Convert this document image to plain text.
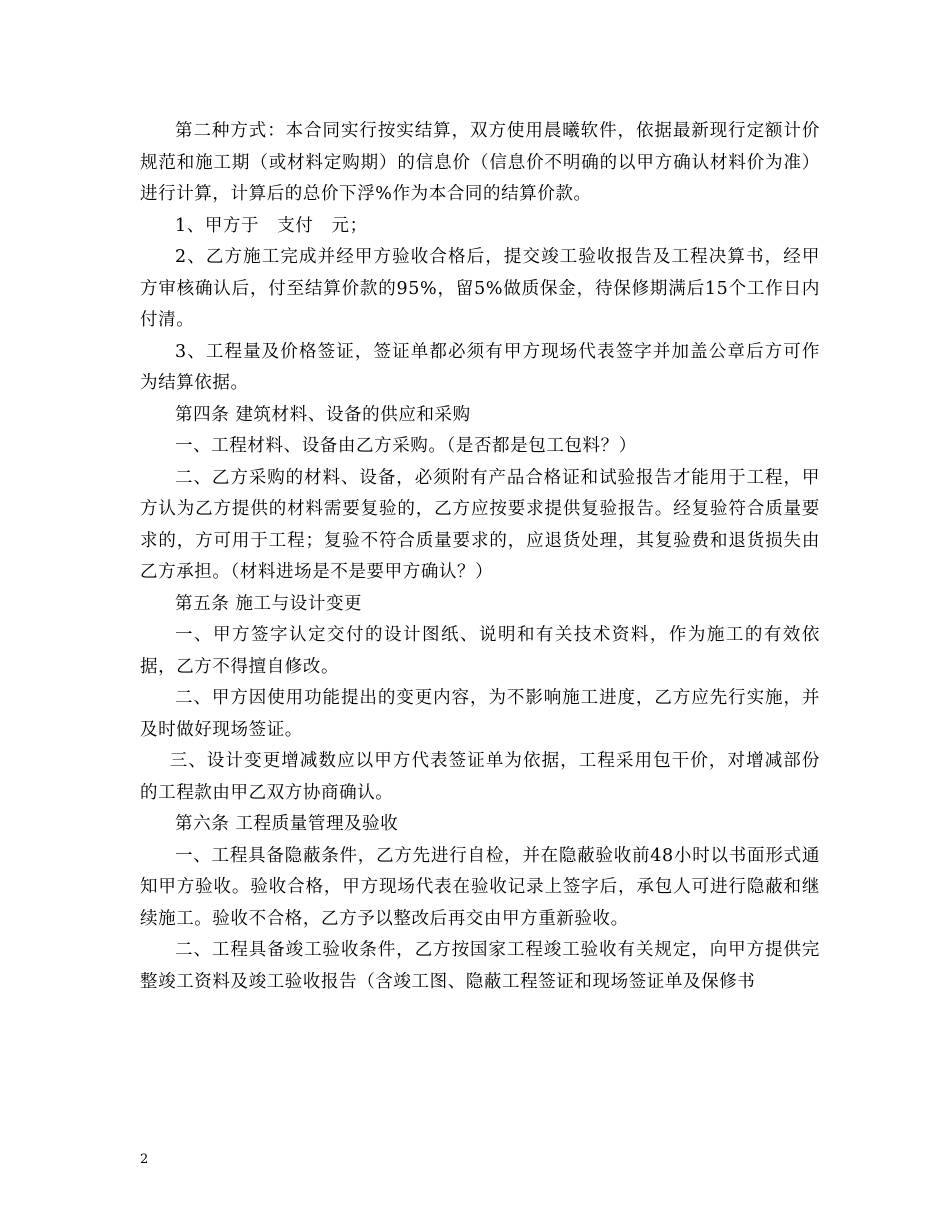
第二种方式：本合同实行按实结算，双方使用晨曦软件，依据最新现行定额计价规范和施工期（或材料定购期）的信息价（信息价不明确的以甲方确认材料价为准）进行计算，计算后的总价下浮%作为本合同的结算价款。

1、甲方于　支付　元；

2、乙方施工完成并经甲方验收合格后，提交竣工验收报告及工程决算书，经甲方审核确认后，付至结算价款的95%，留5%做质保金，待保修期满后15个工作日内付清。

3、工程量及价格签证，签证单都必须有甲方现场代表签字并加盖公章后方可作为结算依据。

第四条 建筑材料、设备的供应和采购

一、工程材料、设备由乙方采购。（是否都是包工包料？）

二、乙方采购的材料、设备，必须附有产品合格证和试验报告才能用于工程，甲方认为乙方提供的材料需要复验的，乙方应按要求提供复验报告。经复验符合质量要求的，方可用于工程；复验不符合质量要求的，应退货处理，其复验费和退货损失由乙方承担。（材料进场是不是要甲方确认？）

第五条 施工与设计变更

一、甲方签字认定交付的设计图纸、说明和有关技术资料，作为施工的有效依据，乙方不得擅自修改。

二、甲方因使用功能提出的变更内容，为不影响施工进度，乙方应先行实施，并及时做好现场签证。

三、设计变更增减数应以甲方代表签证单为依据，工程采用包干价，对增减部份的工程款由甲乙双方协商确认。

第六条 工程质量管理及验收

一、工程具备隐蔽条件，乙方先进行自检，并在隐蔽验收前48小时以书面形式通知甲方验收。验收合格，甲方现场代表在验收记录上签字后，承包人可进行隐蔽和继续施工。验收不合格，乙方予以整改后再交由甲方重新验收。

二、工程具备竣工验收条件，乙方按国家工程竣工验收有关规定，向甲方提供完整竣工资料及竣工验收报告（含竣工图、隐蔽工程签证和现场签证单及保修书

2
